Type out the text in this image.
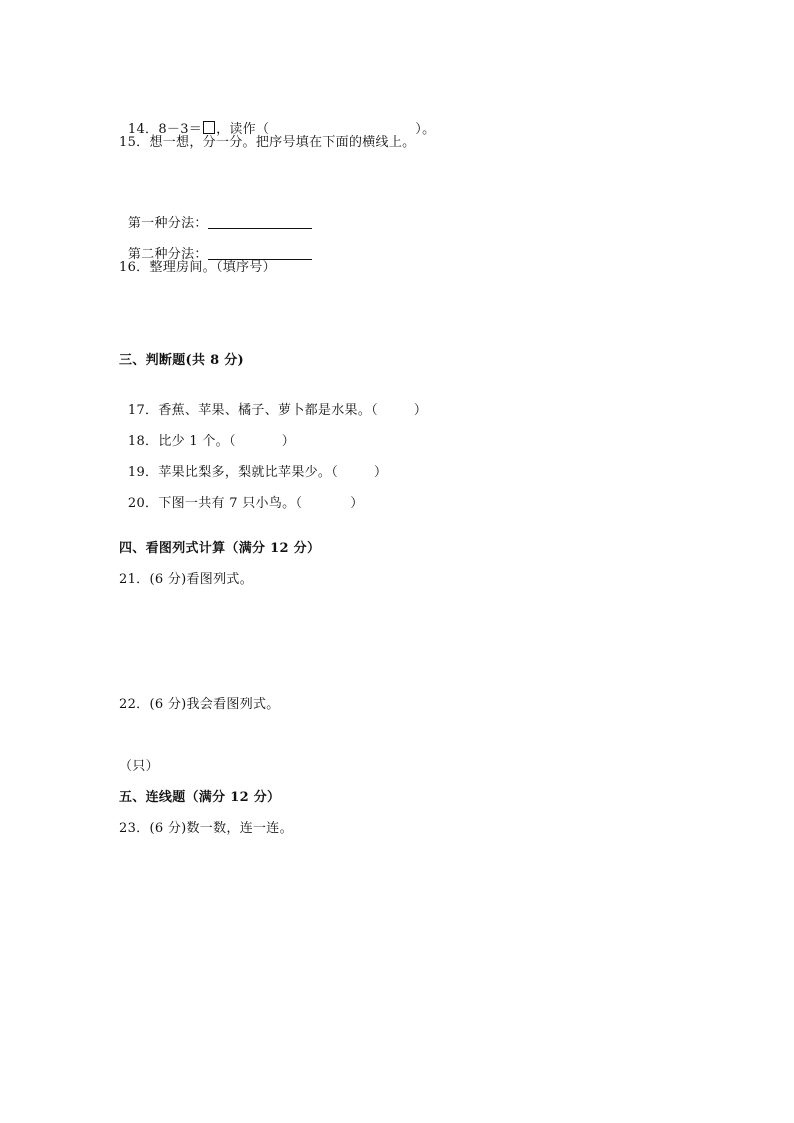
14．8－3＝ ，读作（	）。

15．想一想，分一分。把序号填在下面的横线上。

第一种分法：

第二种分法：

16．整理房间。（填序号）
三、判断题(共 8 分)

17．香蕉、苹果、橘子、萝卜都是水果。（	）

18．比少 1 个。（	）

19．苹果比梨多，梨就比苹果少。（	）

20．下图一共有 7 只小鸟。（	）

四、看图列式计算（满分 12 分）
21．(6 分)看图列式。
22．(6 分)我会看图列式。
（只）
五、连线题（满分 12 分）
23．(6 分)数一数，连一连。
